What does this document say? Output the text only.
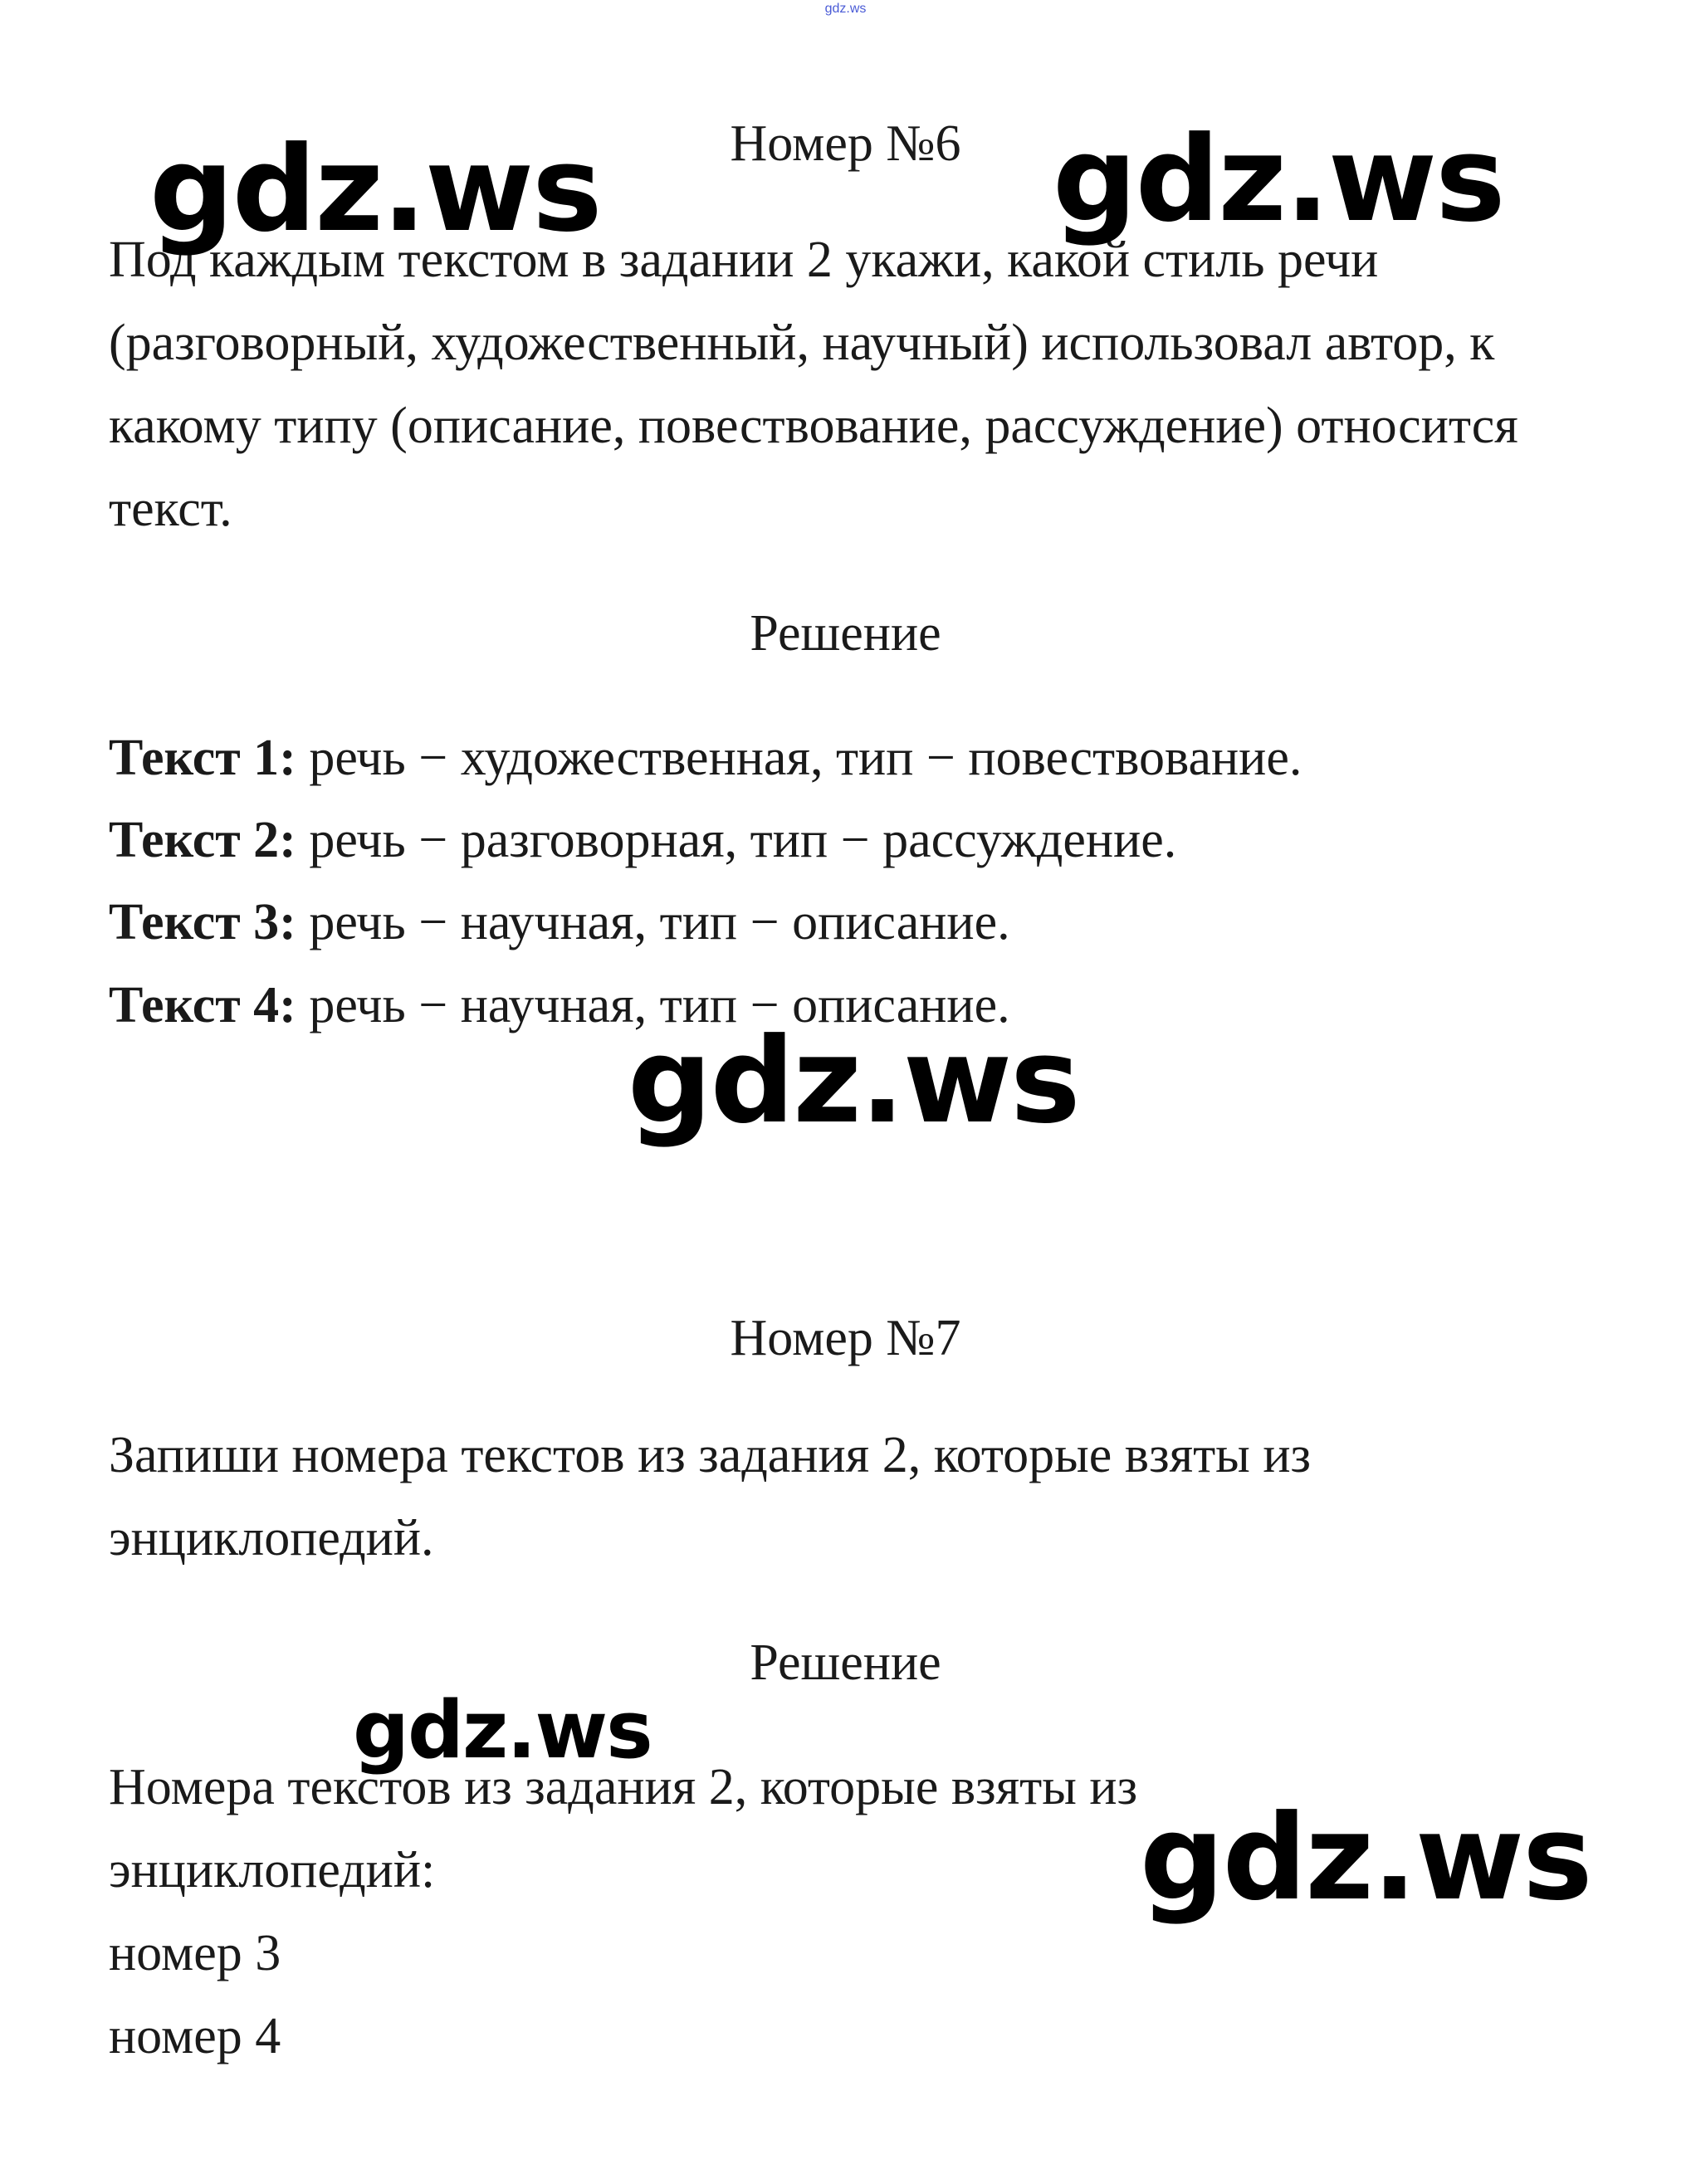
gdz.ws
Номер №6

Под каждым текстом в задании 2 укажи, какой стиль речи (разговорный, художественный, научный) использовал автор, к какому типу (описание, повествование, рассуждение) относится текст.

Решение

Текст 1: речь − художественная, тип − повествование.

Текст 2: речь − разговорная, тип − рассуждение.

Текст 3: речь − научная, тип − описание.

Текст 4: речь − научная, тип − описание.

Номер №7

Запиши номера текстов из задания 2, которые взяты из энциклопедий.

Решение

Номера текстов из задания 2, которые взяты из энциклопедий:

номер 3

номер 4

gdz.ws	gdz.ws
gdz.ws
gdz.ws
gdz.ws
